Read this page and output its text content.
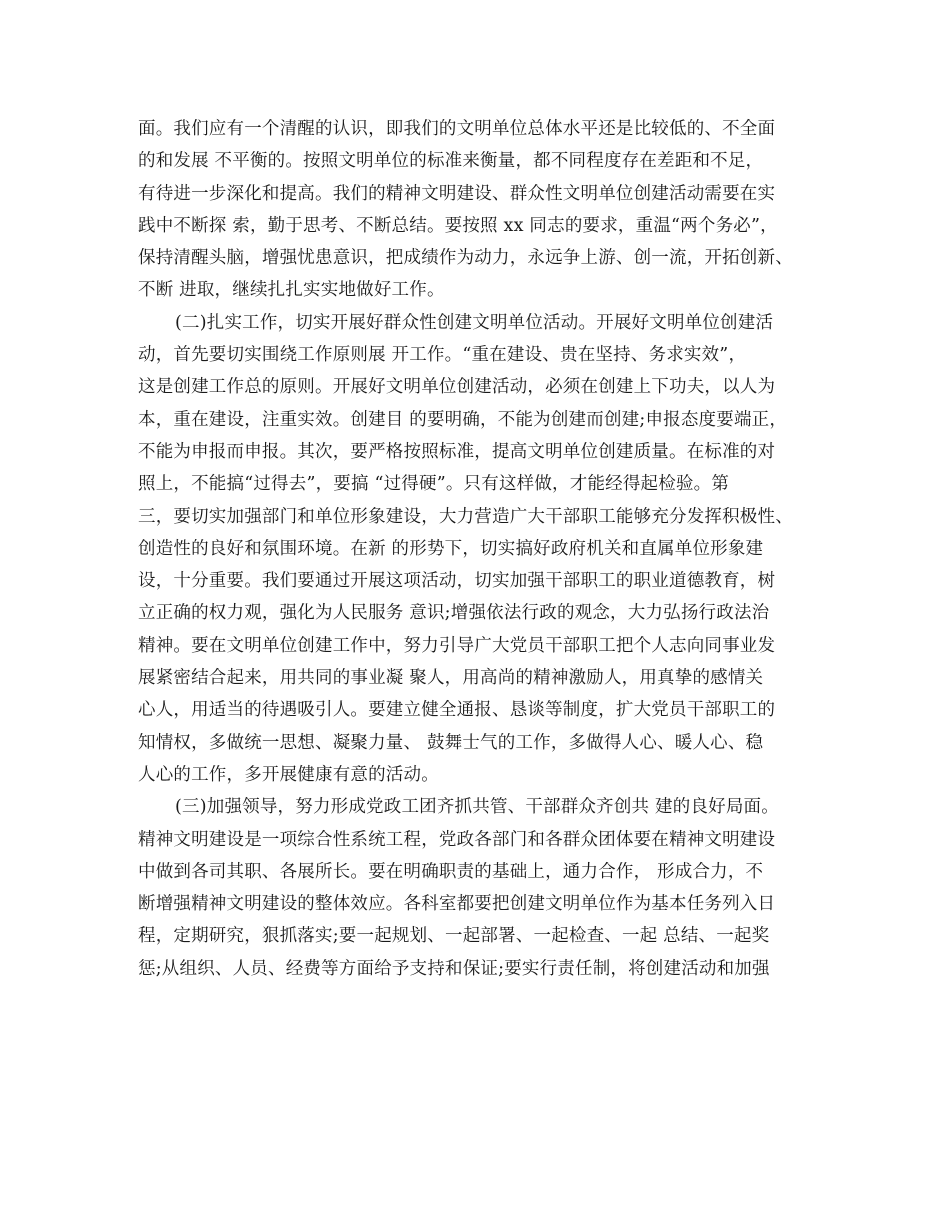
面。我们应有一个清醒的认识，即我们的文明单位总体水平还是比较低的、不全面
的和发展 不平衡的。按照文明单位的标准来衡量，都不同程度存在差距和不足，
有待进一步深化和提高。我们的精神文明建设、群众性文明单位创建活动需要在实
践中不断探 索，勤于思考、不断总结。要按照 xx 同志的要求，重温“两个务必”，
保持清醒头脑，增强忧患意识，把成绩作为动力，永远争上游、创一流，开拓创新、
不断 进取，继续扎扎实实地做好工作。
(二)扎实工作，切实开展好群众性创建文明单位活动。开展好文明单位创建活
动，首先要切实围绕工作原则展 开工作。“重在建设、贵在坚持、务求实效”，
这是创建工作总的原则。开展好文明单位创建活动，必须在创建上下功夫，以人为
本，重在建设，注重实效。创建目 的要明确，不能为创建而创建;申报态度要端正，
不能为申报而申报。其次，要严格按照标准，提高文明单位创建质量。在标准的对
照上，不能搞“过得去”，要搞 “过得硬”。只有这样做，才能经得起检验。第
三，要切实加强部门和单位形象建设，大力营造广大干部职工能够充分发挥积极性、
创造性的良好和氛围环境。在新 的形势下，切实搞好政府机关和直属单位形象建
设，十分重要。我们要通过开展这项活动，切实加强干部职工的职业道德教育，树
立正确的权力观，强化为人民服务 意识;增强依法行政的观念，大力弘扬行政法治
精神。要在文明单位创建工作中，努力引导广大党员干部职工把个人志向同事业发
展紧密结合起来，用共同的事业凝 聚人，用高尚的精神激励人，用真挚的感情关
心人，用适当的待遇吸引人。要建立健全通报、恳谈等制度，扩大党员干部职工的
知情权，多做统一思想、凝聚力量、 鼓舞士气的工作，多做得人心、暖人心、稳
人心的工作，多开展健康有意的活动。
(三)加强领导，努力形成党政工团齐抓共管、干部群众齐创共 建的良好局面。
精神文明建设是一项综合性系统工程，党政各部门和各群众团体要在精神文明建设
中做到各司其职、各展所长。要在明确职责的基础上，通力合作， 形成合力，不
断增强精神文明建设的整体效应。各科室都要把创建文明单位作为基本任务列入日
程，定期研究，狠抓落实;要一起规划、一起部署、一起检查、一起 总结、一起奖
惩;从组织、人员、经费等方面给予支持和保证;要实行责任制，将创建活动和加强
